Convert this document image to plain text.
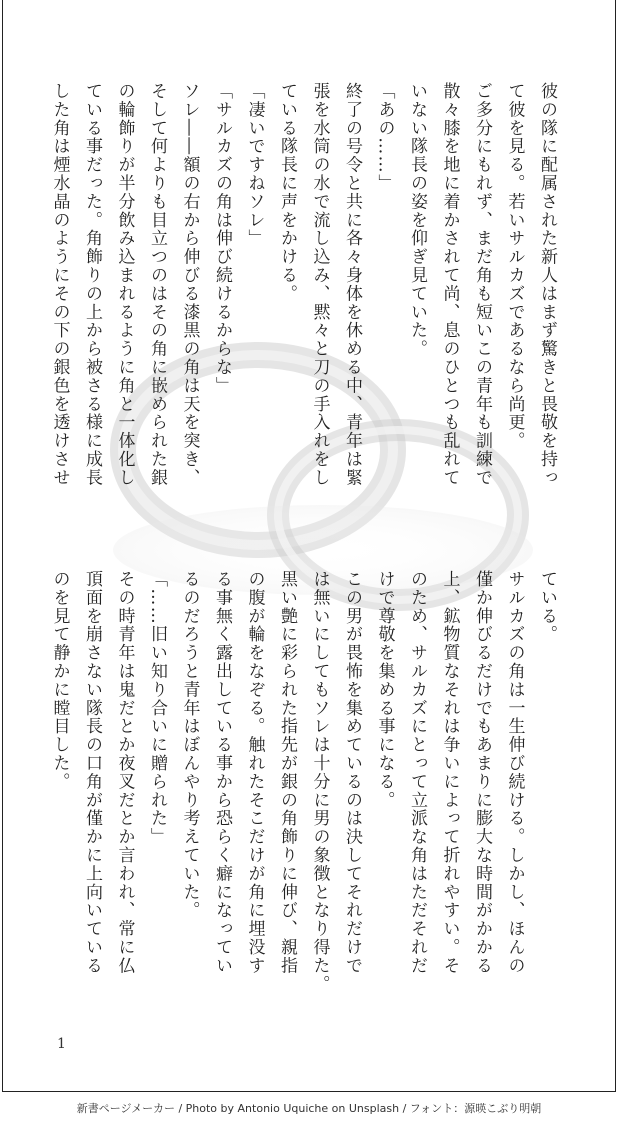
彼の隊に配属された新人はまず驚きと畏敬を持っ
て彼を見る。若いサルカズであるなら尚更。
ご多分にもれず、まだ角も短いこの青年も訓練で
散々膝を地に着かされて尚、息のひとつも乱れて
いない隊長の姿を仰ぎ見ていた。
「あの……」
終了の号令と共に各々身体を休める中、青年は緊
張を水筒の水で流し込み、黙々と刀の手入れをし
ている隊長に声をかける。
「凄いですねソレ」
「サルカズの角は伸び続けるからな」
ソレ――額の右から伸びる漆黒の角は天を突き、
そして何よりも目立つのはその角に嵌められた銀
の輪飾りが半分飲み込まれるように角と一体化し
ている事だった。角飾りの上から被さる様に成長
した角は煙水晶のようにその下の銀色を透けさせ
ている。
サルカズの角は一生伸び続ける。しかし、ほんの
僅か伸びるだけでもあまりに膨大な時間がかかる
上、鉱物質なそれは争いによって折れやすい。そ
のため、サルカズにとって立派な角はただそれだ
けで尊敬を集める事になる。
この男が畏怖を集めているのは決してそれだけで
は無いにしてもソレは十分に男の象徴となり得た。
黒い艶に彩られた指先が銀の角飾りに伸び、親指
の腹が輪をなぞる。触れたそこだけが角に埋没す
る事無く露出している事から恐らく癖になってい
るのだろうと青年はぼんやり考えていた。
「……旧い知り合いに贈られた」
その時青年は鬼だとか夜叉だとか言われ、常に仏
頂面を崩さない隊長の口角が僅かに上向いている
のを見て静かに瞠目した。
1
新書ページメーカー / Photo by Antonio Uquiche on Unsplash / フォント：源暎こぶり明朝
